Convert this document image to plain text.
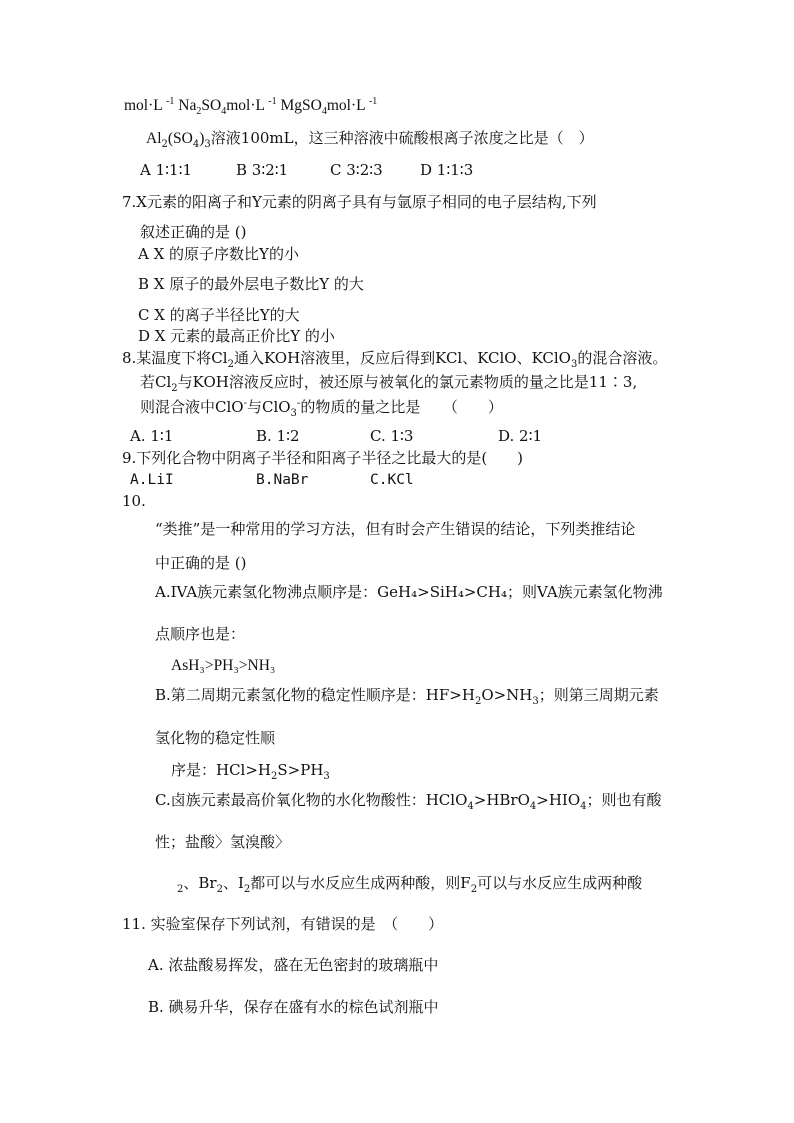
mol·L $^{-1}$ $Na_2SO_4mol\cdot L$ $^{-1}$ MgSO$_4$mol·L $^{-1}$
$Al_2(SO_4)_3$溶液100mL，这三种溶液中硫酸根离子浓度之比是（　）
A 1∶1∶1	B 3∶2∶1	C 3∶2∶3 D 1∶1∶3
7.X元素的阳离子和Y元素的阴离子具有与氩原子相同的电子层结构,下列
叙述正确的是 ()
A X 的原子序数比Y的小
B X 原子的最外层电子数比Y 的大
C X 的离子半径比Y的大
D X 元素的最高正价比Y 的小
8.某温度下将$Cl_2$通入KOH溶液里，反应后得到KCl、KClO、KClO$_3$的混合溶液。
若$Cl_2$与KOH溶液反应时，被还原与被氧化的氯元素物质的量之比是11∶3,
则混合液中ClO-与ClO$_3$-的物质的量之比是　　（　　）
A. 1∶1	B. 1∶2	C. 1∶3	D. 2∶1
9.下列化合物中阴离子半径和阳离子半径之比最大的是(　　)
A.LiI	B.NaBr	C.KCl
10.
“类推”是一种常用的学习方法，但有时会产生错误的结论，下列类推结论
中正确的是 ()
A.IVA族元素氢化物沸点顺序是：GeH₄>SiH₄>CH₄；则VA族元素氢化物沸
点顺序也是：
AsH₃>PH₃>NH₃
B.第二周期元素氢化物的稳定性顺序是：$HF>H_2O>NH_3$；则第三周期元素
氢化物的稳定性顺
序是：$HCl>H_2S>PH_3$
C.卤族元素最高价氧化物的水化物酸性：$HClO_4>HBrO_4>HIO_4$；则也有酸
性；盐酸〉氢溴酸〉
$_2$、$Br_2$、$I_2$都可以与水反应生成两种酸，则$F_2$可以与水反应生成两种酸
11. 实验室保存下列试剂，有错误的是　（　　）
A. 浓盐酸易挥发，盛在无色密封的玻璃瓶中
B. 碘易升华，保存在盛有水的棕色试剂瓶中
